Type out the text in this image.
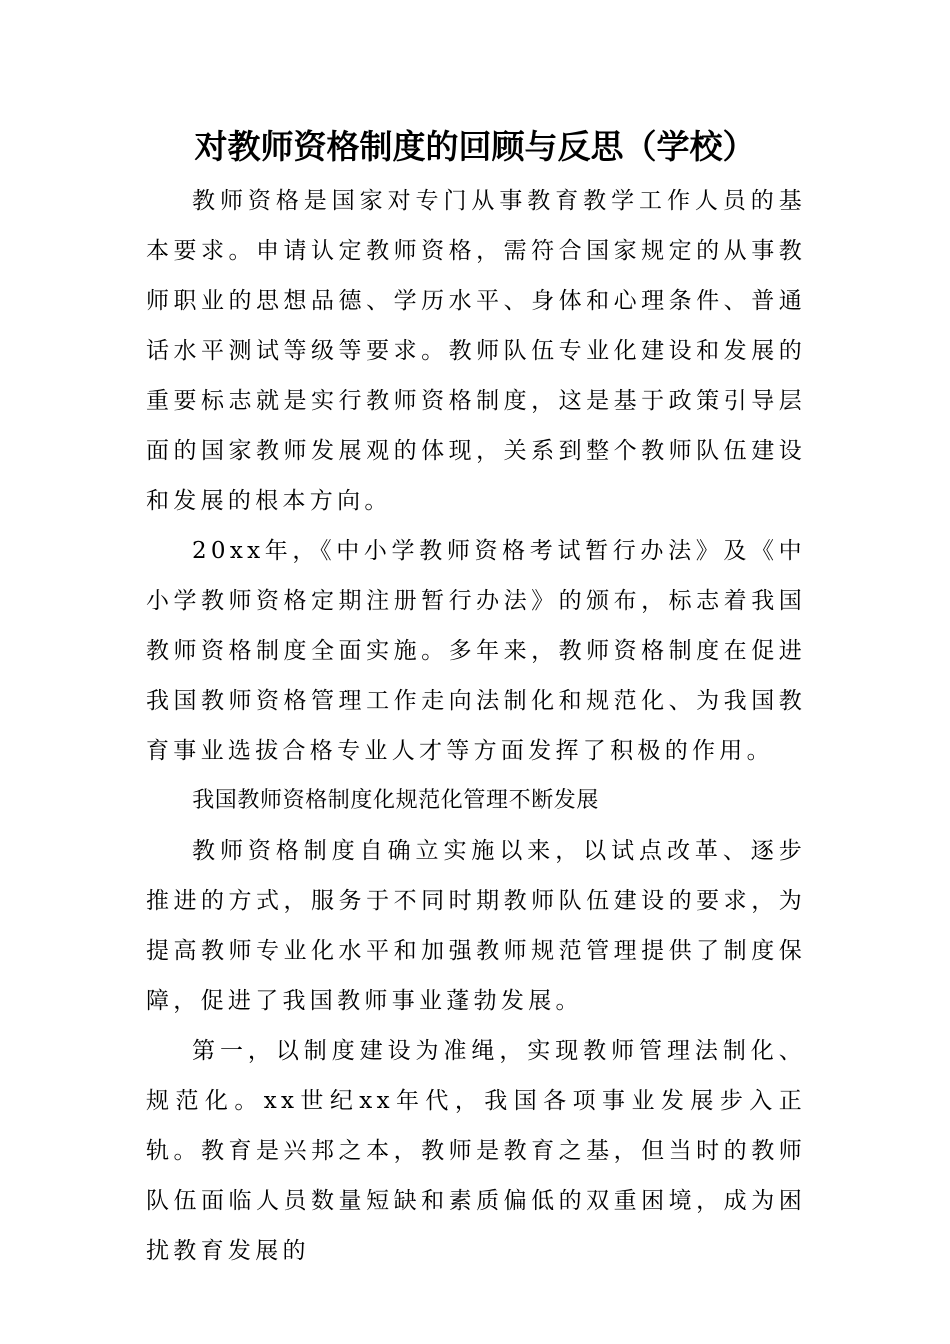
对教师资格制度的回顾与反思（学校）

教师资格是国家对专门从事教育教学工作人员的基本要求。申请认定教师资格，需符合国家规定的从事教师职业的思想品德、学历水平、身体和心理条件、普通话水平测试等级等要求。教师队伍专业化建设和发展的重要标志就是实行教师资格制度，这是基于政策引导层面的国家教师发展观的体现，关系到整个教师队伍建设和发展的根本方向。

20xx年，《中小学教师资格考试暂行办法》及《中小学教师资格定期注册暂行办法》的颁布，标志着我国教师资格制度全面实施。多年来，教师资格制度在促进我国教师资格管理工作走向法制化和规范化、为我国教育事业选拔合格专业人才等方面发挥了积极的作用。

我国教师资格制度化规范化管理不断发展

教师资格制度自确立实施以来，以试点改革、逐步推进的方式，服务于不同时期教师队伍建设的要求，为提高教师专业化水平和加强教师规范管理提供了制度保障，促进了我国教师事业蓬勃发展。

第一，以制度建设为准绳，实现教师管理法制化、规范化。xx世纪xx年代，我国各项事业发展步入正轨。教育是兴邦之本，教师是教育之基，但当时的教师队伍面临人员数量短缺和素质偏低的双重困境，成为困扰教育发展的
